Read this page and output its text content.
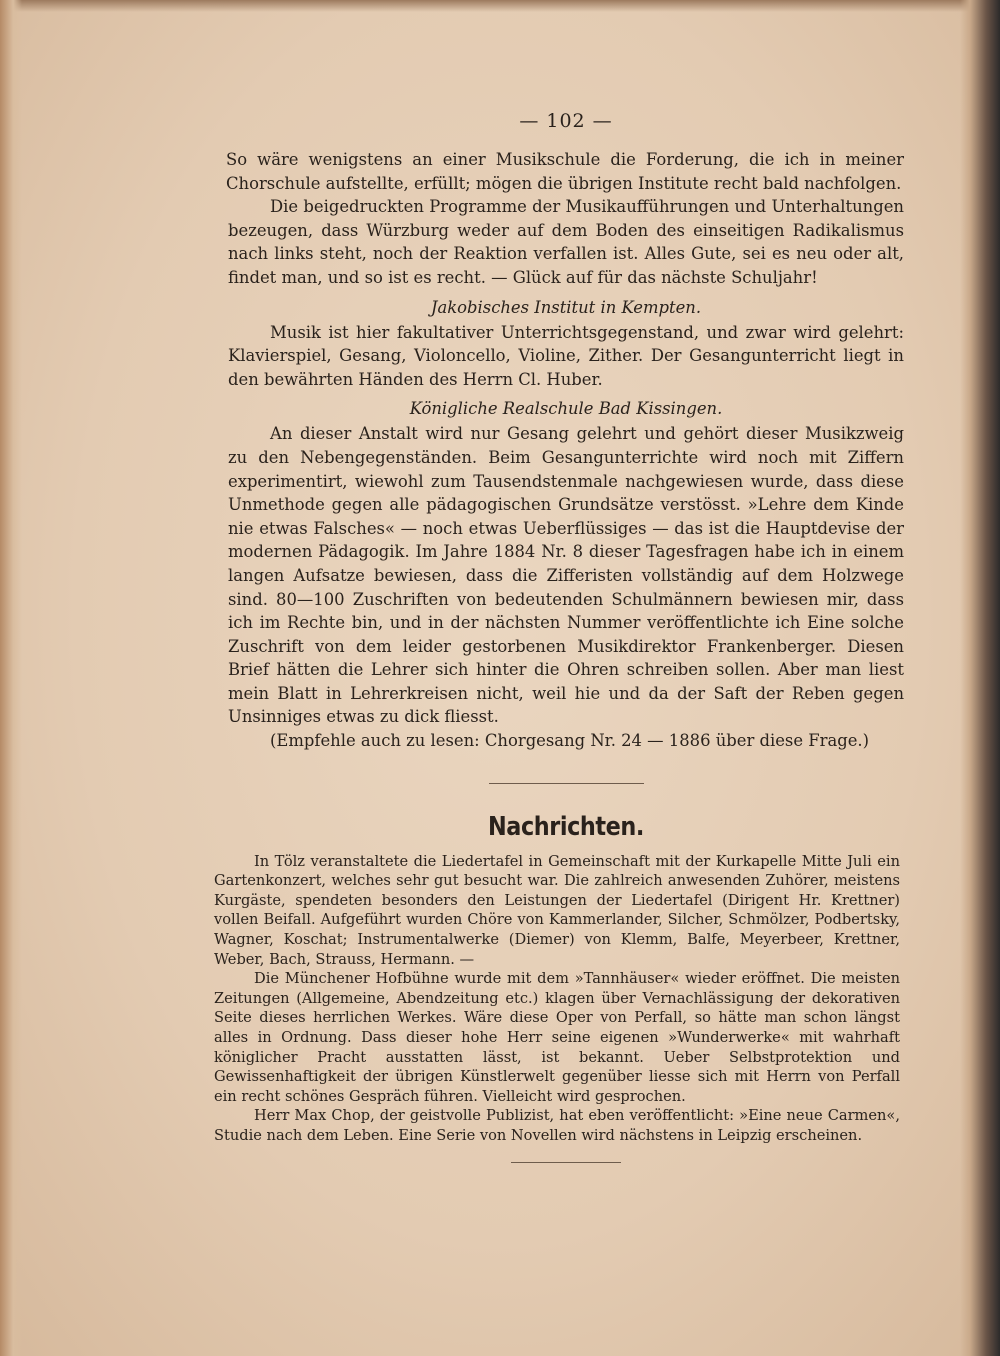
— 102 —

So wäre wenigstens an einer Musikschule die Forderung, die ich in meiner Chorschule aufstellte, erfüllt; mögen die übrigen Institute recht bald nachfolgen.

Die beigedruckten Programme der Musikaufführungen und Unterhaltungen bezeugen, dass Würzburg weder auf dem Boden des einseitigen Radikalismus nach links steht, noch der Reaktion verfallen ist. Alles Gute, sei es neu oder alt, findet man, und so ist es recht. — Glück auf für das nächste Schuljahr!

Jakobisches Institut in Kempten.

Musik ist hier fakultativer Unterrichtsgegenstand, und zwar wird gelehrt: Klavierspiel, Gesang, Violoncello, Violine, Zither. Der Gesangunterricht liegt in den bewährten Händen des Herrn Cl. Huber.

Königliche Realschule Bad Kissingen.

An dieser Anstalt wird nur Gesang gelehrt und gehört dieser Musikzweig zu den Nebengegenständen. Beim Gesangunterrichte wird noch mit Ziffern experimentirt, wiewohl zum Tausendstenmale nachgewiesen wurde, dass diese Unmethode gegen alle pädagogischen Grundsätze verstösst. »Lehre dem Kinde nie etwas Falsches« — noch etwas Ueberflüssiges — das ist die Hauptdevise der modernen Pädagogik. Im Jahre 1884 Nr. 8 dieser Tagesfragen habe ich in einem langen Aufsatze bewiesen, dass die Zifferisten vollständig auf dem Holzwege sind. 80—100 Zuschriften von bedeutenden Schulmännern bewiesen mir, dass ich im Rechte bin, und in der nächsten Nummer veröffentlichte ich Eine solche Zuschrift von dem leider gestorbenen Musikdirektor Frankenberger. Diesen Brief hätten die Lehrer sich hinter die Ohren schreiben sollen. Aber man liest mein Blatt in Lehrerkreisen nicht, weil hie und da der Saft der Reben gegen Unsinniges etwas zu dick fliesst.

(Empfehle auch zu lesen: Chorgesang Nr. 24 — 1886 über diese Frage.)

Nachrichten.

In Tölz veranstaltete die Liedertafel in Gemeinschaft mit der Kurkapelle Mitte Juli ein Gartenkonzert, welches sehr gut besucht war. Die zahlreich anwesenden Zuhörer, meistens Kurgäste, spendeten besonders den Leistungen der Liedertafel (Dirigent Hr. Krettner) vollen Beifall. Aufgeführt wurden Chöre von Kammerlander, Silcher, Schmölzer, Podbertsky, Wagner, Koschat; Instrumentalwerke (Diemer) von Klemm, Balfe, Meyerbeer, Krettner, Weber, Bach, Strauss, Hermann. —

Die Münchener Hofbühne wurde mit dem »Tannhäuser« wieder eröffnet. Die meisten Zeitungen (Allgemeine, Abendzeitung etc.) klagen über Vernachlässigung der dekorativen Seite dieses herrlichen Werkes. Wäre diese Oper von Perfall, so hätte man schon längst alles in Ordnung. Dass dieser hohe Herr seine eigenen »Wunderwerke« mit wahrhaft königlicher Pracht ausstatten lässt, ist bekannt. Ueber Selbstprotektion und Gewissenhaftigkeit der übrigen Künstlerwelt gegenüber liesse sich mit Herrn von Perfall ein recht schönes Gespräch führen. Vielleicht wird gesprochen.

Herr Max Chop, der geistvolle Publizist, hat eben veröffentlicht: »Eine neue Carmen«, Studie nach dem Leben. Eine Serie von Novellen wird nächstens in Leipzig erscheinen.
